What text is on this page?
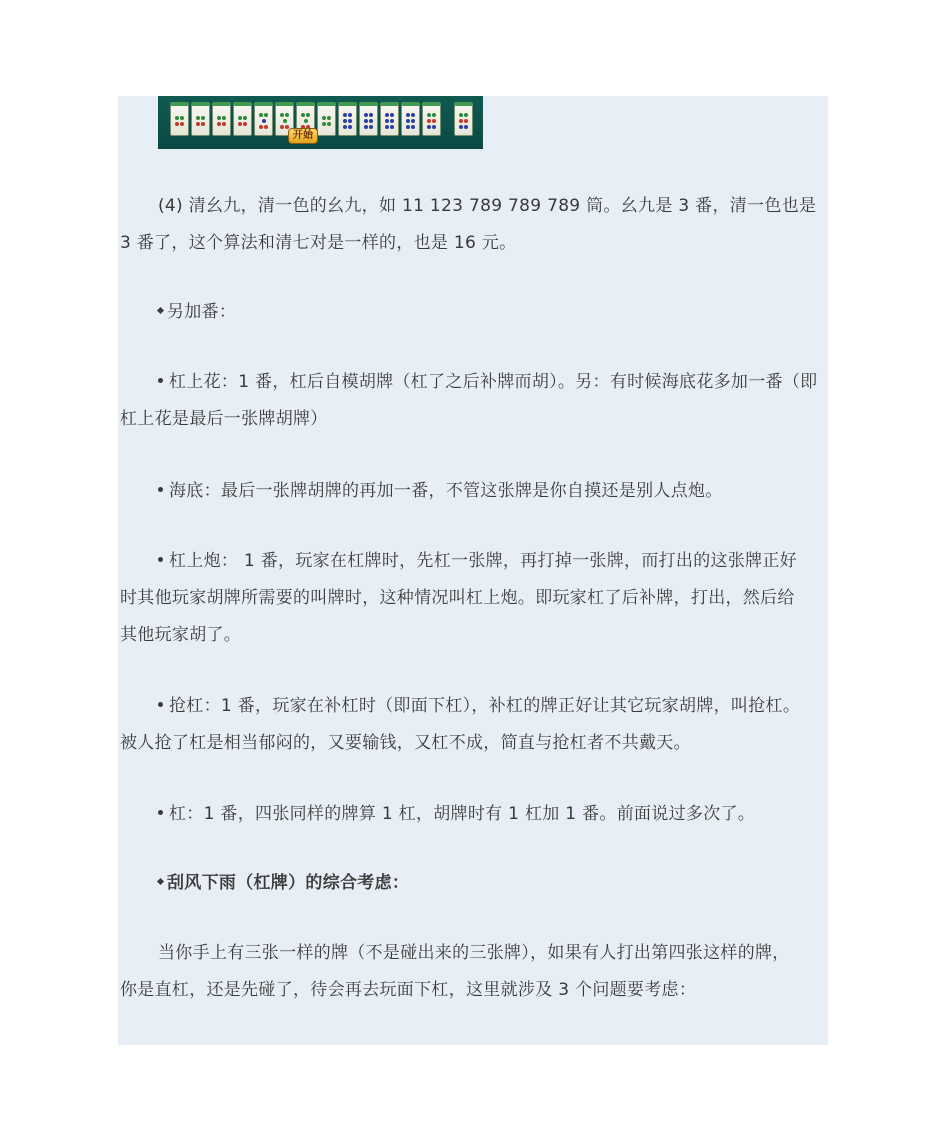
开始

(4) 清幺九，清一色的幺九，如 11 123 789 789 789 筒。幺九是 3 番，清一色也是
3 番了，这个算法和清七对是一样的，也是 16 元。

另加番：

杠上花：1 番，杠后自模胡牌（杠了之后补牌而胡）。另：有时候海底花多加一番（即
杠上花是最后一张牌胡牌）

海底：最后一张牌胡牌的再加一番，不管这张牌是你自摸还是别人点炮。

杠上炮： 1 番，玩家在杠牌时，先杠一张牌，再打掉一张牌，而打出的这张牌正好
时其他玩家胡牌所需要的叫牌时，这种情况叫杠上炮。即玩家杠了后补牌，打出，然后给
其他玩家胡了。

抢杠：1 番，玩家在补杠时（即面下杠），补杠的牌正好让其它玩家胡牌，叫抢杠。
被人抢了杠是相当郁闷的，又要输钱，又杠不成，简直与抢杠者不共戴天。

杠：1 番，四张同样的牌算 1 杠，胡牌时有 1 杠加 1 番。前面说过多次了。

刮风下雨（杠牌）的综合考虑：

当你手上有三张一样的牌（不是碰出来的三张牌），如果有人打出第四张这样的牌，
你是直杠，还是先碰了，待会再去玩面下杠，这里就涉及 3 个问题要考虑：
